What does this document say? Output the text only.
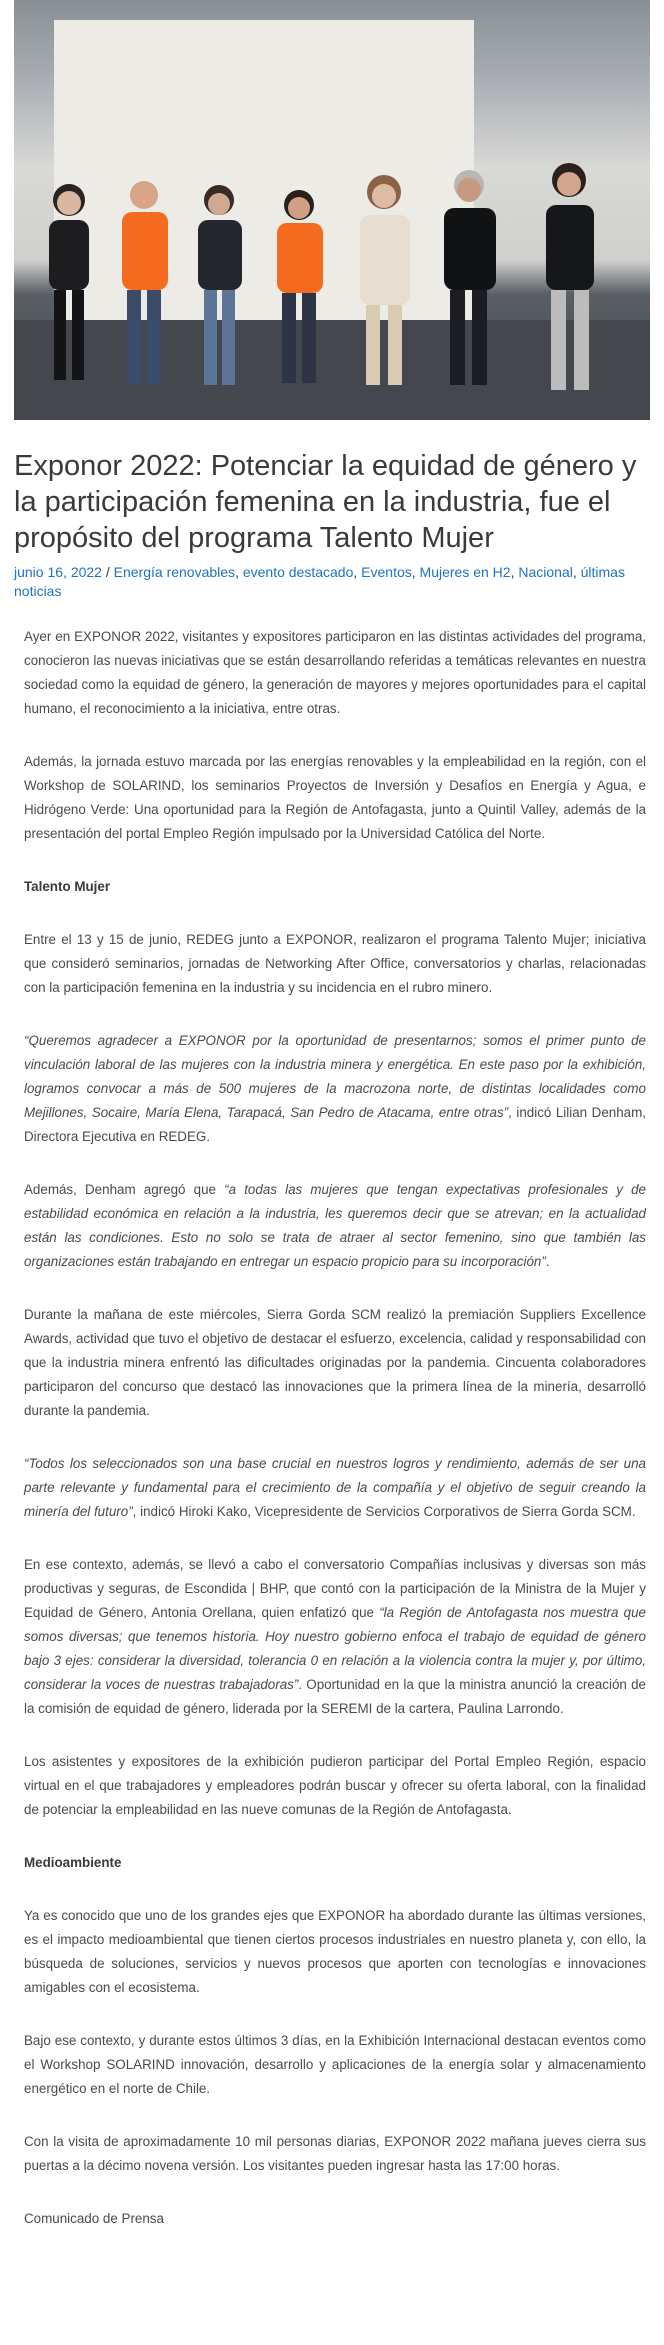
Exponor 2022: Potenciar la equidad de género y la participación femenina en la industria, fue el propósito del programa Talento Mujer
junio 16, 2022 / Energía renovables, evento destacado, Eventos, Mujeres en H2, Nacional, últimas noticias

Ayer en EXPONOR 2022, visitantes y expositores participaron en las distintas actividades del programa, conocieron las nuevas iniciativas que se están desarrollando referidas a temáticas relevantes en nuestra sociedad como la equidad de género, la generación de mayores y mejores oportunidades para el capital humano, el reconocimiento a la iniciativa, entre otras.

Además, la jornada estuvo marcada por las energías renovables y la empleabilidad en la región, con el Workshop de SOLARIND, los seminarios Proyectos de Inversión y Desafíos en Energía y Agua, e Hidrógeno Verde: Una oportunidad para la Región de Antofagasta, junto a Quintil Valley, además de la presentación del portal Empleo Región impulsado por la Universidad Católica del Norte.

Talento Mujer

Entre el 13 y 15 de junio, REDEG junto a EXPONOR, realizaron el programa Talento Mujer; iniciativa que consideró seminarios, jornadas de Networking After Office, conversatorios y charlas, relacionadas con la participación femenina en la industria y su incidencia en el rubro minero.

“Queremos agradecer a EXPONOR por la oportunidad de presentarnos; somos el primer punto de vinculación laboral de las mujeres con la industria minera y energética. En este paso por la exhibición, logramos convocar a más de 500 mujeres de la macrozona norte, de distintas localidades como Mejillones, Socaire, María Elena, Tarapacá, San Pedro de Atacama, entre otras”, indicó Lilian Denham, Directora Ejecutiva en REDEG.

Además, Denham agregó que “a todas las mujeres que tengan expectativas profesionales y de estabilidad económica en relación a la industria, les queremos decir que se atrevan; en la actualidad están las condiciones. Esto no solo se trata de atraer al sector femenino, sino que también las organizaciones están trabajando en entregar un espacio propicio para su incorporación”.

Durante la mañana de este miércoles, Sierra Gorda SCM realizó la premiación Suppliers Excellence Awards, actividad que tuvo el objetivo de destacar el esfuerzo, excelencia, calidad y responsabilidad con que la industria minera enfrentó las dificultades originadas por la pandemia. Cincuenta colaboradores participaron del concurso que destacó las innovaciones que la primera línea de la minería, desarrolló durante la pandemia.

“Todos los seleccionados son una base crucial en nuestros logros y rendimiento, además de ser una parte relevante y fundamental para el crecimiento de la compañía y el objetivo de seguir creando la minería del futuro”, indicó Hiroki Kako, Vicepresidente de Servicios Corporativos de Sierra Gorda SCM.

En ese contexto, además, se llevó a cabo el conversatorio Compañías inclusivas y diversas son más productivas y seguras, de Escondida | BHP, que contó con la participación de la Ministra de la Mujer y Equidad de Género, Antonia Orellana, quien enfatizó que “la Región de Antofagasta nos muestra que somos diversas; que tenemos historia. Hoy nuestro gobierno enfoca el trabajo de equidad de género bajo 3 ejes: considerar la diversidad, tolerancia 0 en relación a la violencia contra la mujer y, por último, considerar la voces de nuestras trabajadoras”. Oportunidad en la que la ministra anunció la creación de la comisión de equidad de género, liderada por la SEREMI de la cartera, Paulina Larrondo.

Los asistentes y expositores de la exhibición pudieron participar del Portal Empleo Región, espacio virtual en el que trabajadores y empleadores podrán buscar y ofrecer su oferta laboral, con la finalidad de potenciar la empleabilidad en las nueve comunas de la Región de Antofagasta.

Medioambiente

Ya es conocido que uno de los grandes ejes que EXPONOR ha abordado durante las últimas versiones, es el impacto medioambiental que tienen ciertos procesos industriales en nuestro planeta y, con ello, la búsqueda de soluciones, servicios y nuevos procesos que aporten con tecnologías e innovaciones amigables con el ecosistema.

Bajo ese contexto, y durante estos últimos 3 días, en la Exhibición Internacional destacan eventos como el Workshop SOLARIND innovación, desarrollo y aplicaciones de la energía solar y almacenamiento energético en el norte de Chile.

Con la visita de aproximadamente 10 mil personas diarias, EXPONOR 2022 mañana jueves cierra sus puertas a la décimo novena versión. Los visitantes pueden ingresar hasta las 17:00 horas.

Comunicado de Prensa
